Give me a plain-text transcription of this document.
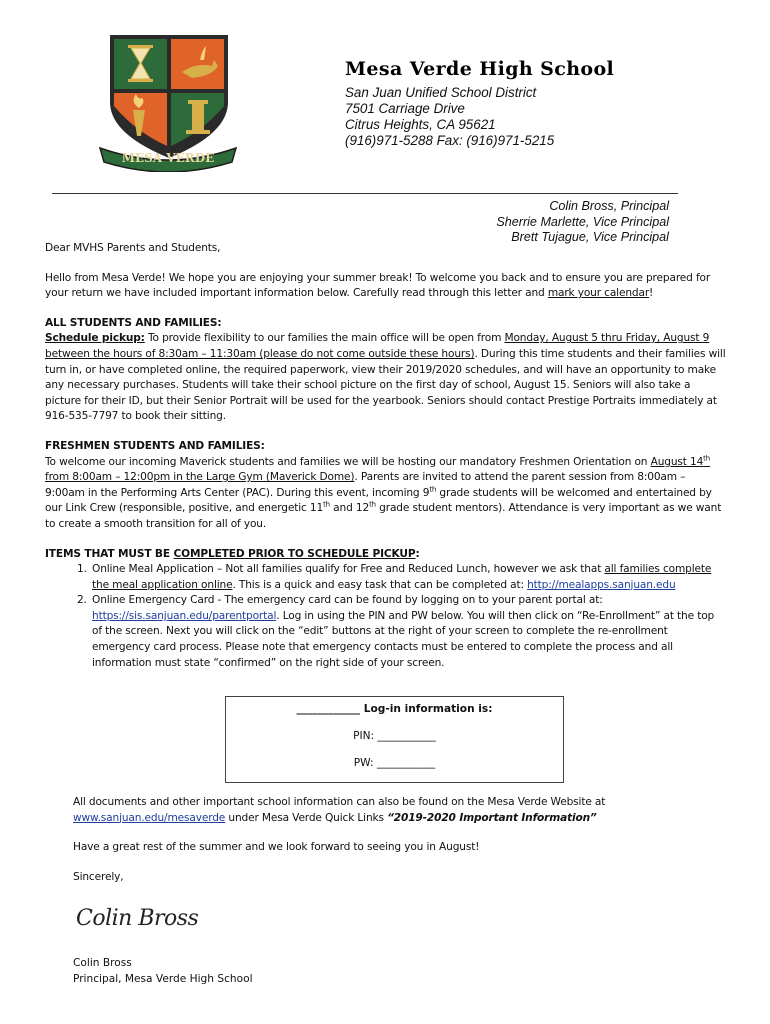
MESA VERDE
Mesa Verde High School
San Juan Unified School District
7501 Carriage Drive
Citrus Heights, CA 95621
(916)971-5288 Fax: (916)971-5215
Colin Bross, Principal
Sherrie Marlette, Vice Principal
Brett Tujague, Vice Principal

Dear MVHS Parents and Students,

Hello from Mesa Verde! We hope you are enjoying your summer break! To welcome you back and to ensure you are prepared for your return we have included important information below. Carefully read through this letter and mark your calendar!

ALL STUDENTS AND FAMILIES:

Schedule pickup: To provide flexibility to our families the main office will be open from Monday, August 5 thru Friday, August 9 between the hours of 8:30am – 11:30am (please do not come outside these hours). During this time students and their families will turn in, or have completed online, the required paperwork, view their 2019/2020 schedules, and will have an opportunity to make any necessary purchases. Students will take their school picture on the first day of school, August 15. Seniors will also take a picture for their ID, but their Senior Portrait will be used for the yearbook. Seniors should contact Prestige Portraits immediately at 916-535-7797 to book their sitting.

FRESHMEN STUDENTS AND FAMILIES:

To welcome our incoming Maverick students and families we will be hosting our mandatory Freshmen Orientation on August 14th from 8:00am – 12:00pm in the Large Gym (Maverick Dome). Parents are invited to attend the parent session from 8:00am – 9:00am in the Performing Arts Center (PAC). During this event, incoming 9th grade students will be welcomed and entertained by our Link Crew (responsible, positive, and energetic 11th and 12th grade student mentors). Attendance is very important as we want to create a smooth transition for all of you.

ITEMS THAT MUST BE COMPLETED PRIOR TO SCHEDULE PICKUP:

1. Online Meal Application – Not all families qualify for Free and Reduced Lunch, however we ask that all families complete the meal application online. This is a quick and easy task that can be completed at: http://mealapps.sanjuan.edu
2. Online Emergency Card - The emergency card can be found by logging on to your parent portal at: https://sis.sanjuan.edu/parentportal. Log in using the PIN and PW below. You will then click on “Re-Enrollment” at the top of the screen. Next you will click on the “edit” buttons at the right of your screen to complete the re-enrollment emergency card process. Please note that emergency contacts must be entered to complete the process and all information must state “confirmed” on the right side of your screen.
____________ Log-in information is:
PIN: ___________
PW: ___________

All documents and other important school information can also be found on the Mesa Verde Website at www.sanjuan.edu/mesaverde under Mesa Verde Quick Links “2019-2020 Important Information”

Have a great rest of the summer and we look forward to seeing you in August!

Sincerely,

Colin Bross
Colin Bross
Principal, Mesa Verde High School
